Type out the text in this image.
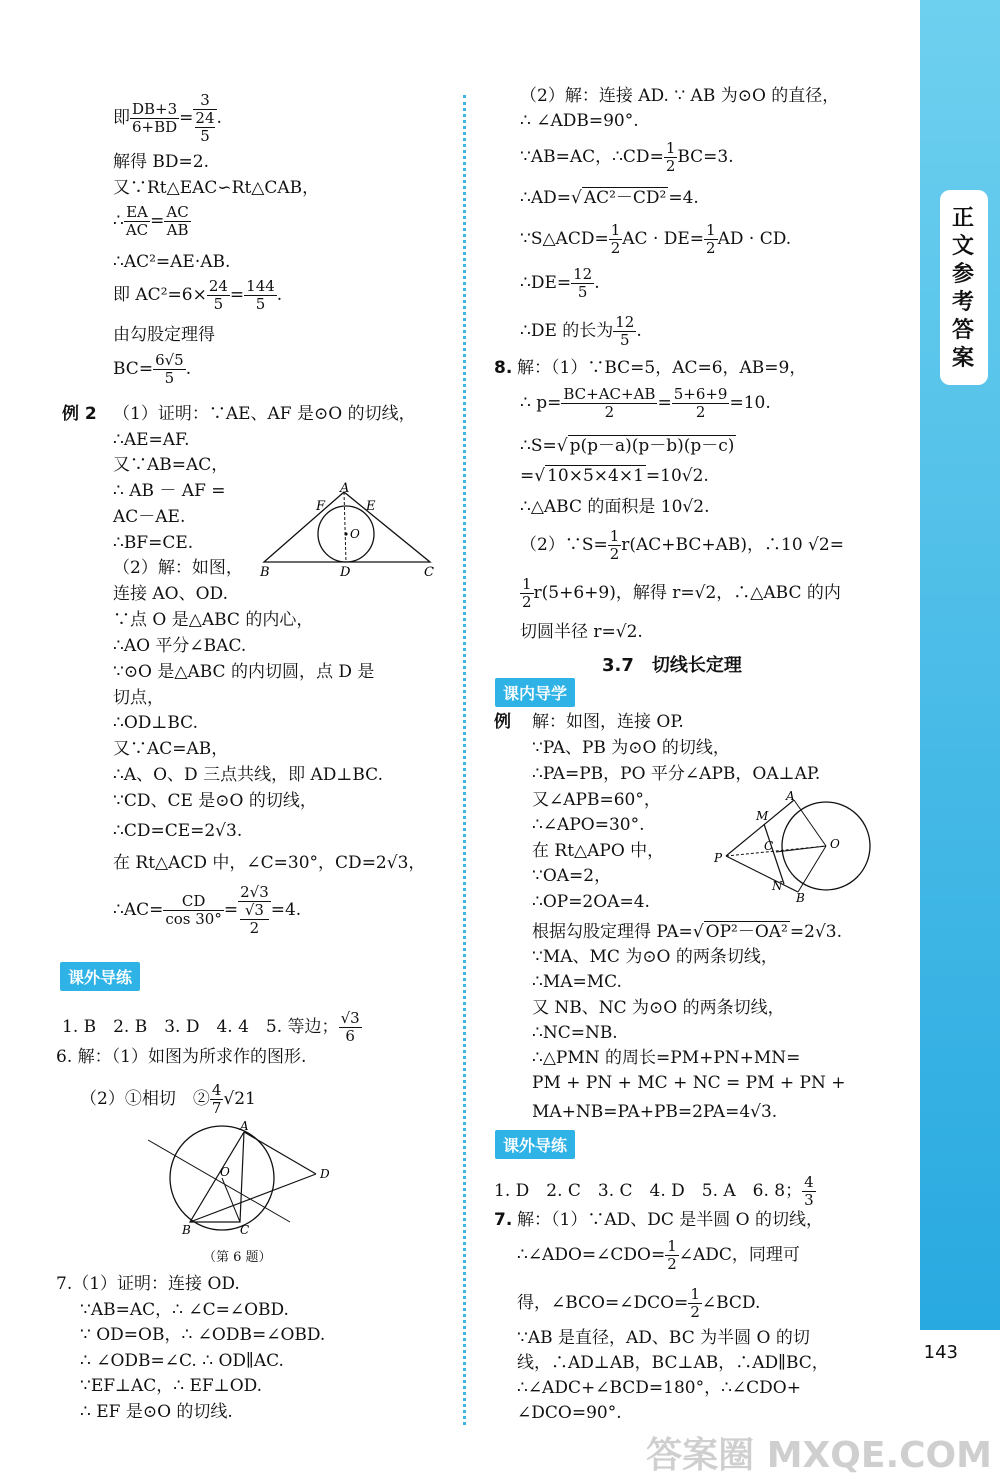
正文参考答案
143
即 $\frac{DB+3}{6+BD} = 3$
24
5 .
解得 BD=2.
又∵Rt△EAC∽Rt△CAB，
∴ $\frac{EA}{AC} = \frac{AC}{AB}$
∴AC²=AE·AB.
即 $AC^2=6\times \frac{24}{5} = \frac{144}{5}$ .
由勾股定理得
$BC= \frac{6√5}{5}$ .
例 2 （1）证明：∵AE、AF 是⊙O 的切线，
∴AE=AF.
又∵AB=AC，
∴ AB － AF =
AC－AE.
∴BF=CE.
（2）解：如图，
A
E
F
O
B	D	C
连接 AO、OD.
∵点 O 是△ABC 的内心，
∴AO 平分∠BAC.
∵⊙O 是△ABC 的内切圆，点 D 是
切点，
∴OD⊥BC.
又∵AC=AB，
∴A、O、D 三点共线，即 AD⊥BC.
∵CD、CE 是⊙O 的切线，
∴CD=CE=2√3.
在 Rt△ACD 中，∠C=30°，CD=2√3，
∴AC= $\frac{CD}{\cos 30^\circ} = 2√3$
√3
2 =4.
课外导练
1. B　2. B　3. D　4. 4　5. 等边； $\frac{√3}{6}$
6. 解：（1）如图为所求作的图形.
（2）①相切　② $\frac{4}{7} √21$
A
O	D
B	C
（第 6 题）
7.（1）证明：连接 OD.
∵AB=AC，∴ ∠C=∠OBD.
∵ OD=OB，∴ ∠ODB=∠OBD.
∴ ∠ODB=∠C. ∴ OD∥AC.
∵EF⊥AC，∴ EF⊥OD.
∴ EF 是⊙O 的切线.
（2）解：连接 AD. ∵ AB 为⊙O 的直径，
∴ ∠ADB=90°.
∵AB=AC，∴CD= $\frac{1}{2} BC=3$.
∴AD=√ AC²－CD² =4.
∵S△ACD= $\frac{1}{2}$ AC · $DE= \frac{1}{2}$ AD · CD.
∴DE= $\frac{12}{5}$ .
∴DE 的长为 $\frac{12}{5}$ .
8. 解：（1）∵BC=5，AC=6，AB=9，
∴ $p= \frac{BC+AC+AB}{2} = \frac{5+6+9}{2} =10$.
∴S=√ p(p－a)(p－b)(p－c)
=√ 10×5×4×1 =10√2.
∴△ABC 的面积是 10√2.
（2）∵S= $\frac{1}{2} r(AC+BC+AB)$，∴10 √2=
$\frac{1}{2} r(5+6+9)$，解得 r=√2，∴△ABC 的内
切圆半径 r=√2.
3.7　切线长定理
课内导学
例 解：如图，连接 OP.
∵PA、PB 为⊙O 的切线，
∴PA=PB，PO 平分∠APB，OA⊥AP.
又∠APB=60°，
∴∠APO=30°.
在 Rt△APO 中，
∵OA=2，
∴OP=2OA=4.
A
M
C	O
P
N
B
根据勾股定理得 PA=√ OP²－OA² =2√3.
∵MA、MC 为⊙O 的两条切线，
∴MA=MC.
又 NB、NC 为⊙O 的两条切线，
∴NC=NB.
∴△PMN 的周长=PM+PN+MN=
PM + PN + MC + NC = PM + PN +
MA+NB=PA+PB=2PA=4√3.
课外导练
1. D　2. C　3. C　4. D　5. A　6. 8； $\frac{4}{3}$
7. 解：（1）∵AD、DC 是半圆 O 的切线，
∴∠ADO=∠CDO= $\frac{1}{2}$ ∠ADC，同理可
得，∠BCO=∠DCO= $\frac{1}{2}$ ∠BCD.
∵AB 是直径，AD、BC 为半圆 O 的切
线，∴AD⊥AB，BC⊥AB，∴AD∥BC，
∴∠ADC+∠BCD=180°，∴∠CDO+
∠DCO=90°.
答案圈 MXQE.COM
